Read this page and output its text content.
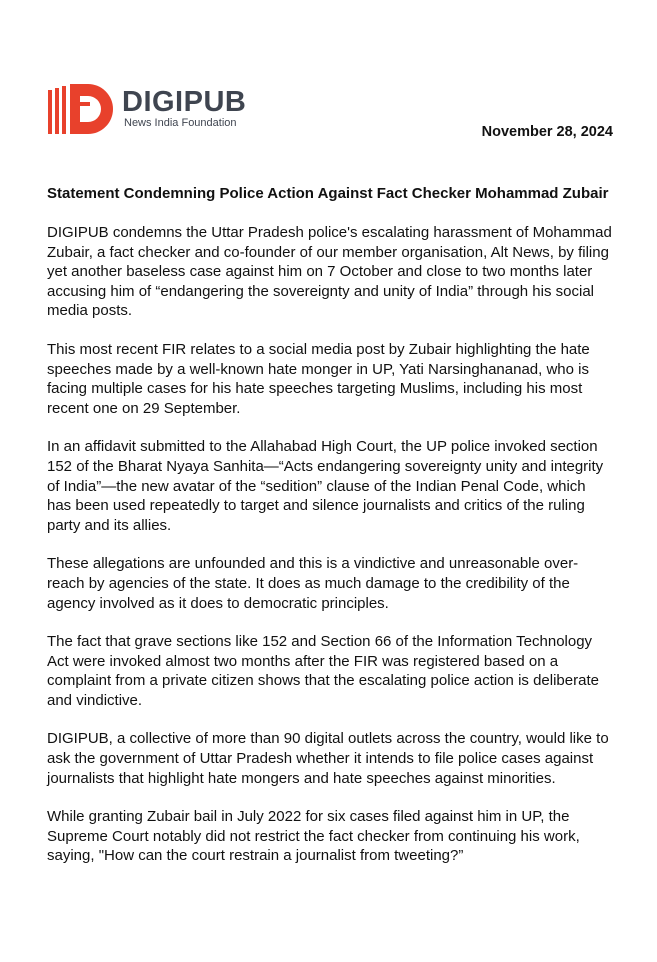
DIGIPUB
News India Foundation
November 28, 2024
Statement Condemning Police Action Against Fact Checker Mohammad Zubair

DIGIPUB condemns the Uttar Pradesh police's escalating harassment of Mohammad Zubair, a fact checker and co-founder of our member organisation, Alt News, by filing yet another baseless case against him on 7 October and close to two months later accusing him of “endangering the sovereignty and unity of India” through his social media posts.

This most recent FIR relates to a social media post by Zubair highlighting the hate speeches made by a well-known hate monger in UP, Yati Narsinghananad, who is facing multiple cases for his hate speeches targeting Muslims, including his most recent one on 29 September.

In an affidavit submitted to the Allahabad High Court, the UP police invoked section 152 of the Bharat Nyaya Sanhita—“Acts endangering sovereignty unity and integrity of India”—the new avatar of the “sedition” clause of the Indian Penal Code, which has been used repeatedly to target and silence journalists and critics of the ruling party and its allies.

These allegations are unfounded and this is a vindictive and unreasonable over-reach by agencies of the state. It does as much damage to the credibility of the agency involved as it does to democratic principles.

The fact that grave sections like 152 and Section 66 of the Information Technology Act were invoked almost two months after the FIR was registered based on a complaint from a private citizen shows that the escalating police action is deliberate and vindictive.

DIGIPUB, a collective of more than 90 digital outlets across the country, would like to ask the government of Uttar Pradesh whether it intends to file police cases against journalists that highlight hate mongers and hate speeches against minorities.

While granting Zubair bail in July 2022 for six cases filed against him in UP, the Supreme Court notably did not restrict the fact checker from continuing his work, saying, "How can the court restrain a journalist from tweeting?”
